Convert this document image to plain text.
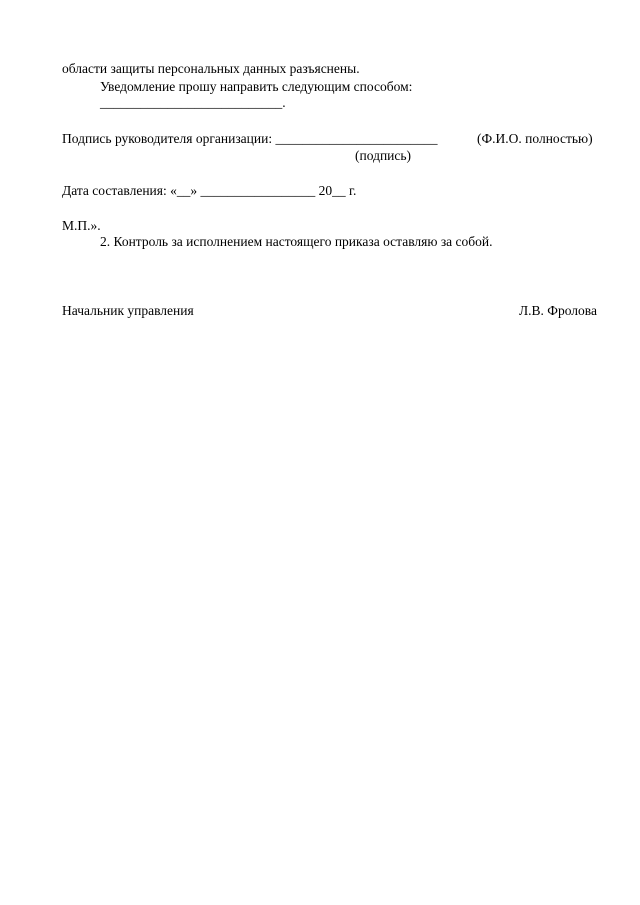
области защиты персональных данных разъяснены.
Уведомление прошу направить следующим способом:
___________________________.
Подпись руководителя организации: ________________________	(Ф.И.О. полностью)
(подпись)
Дата составления: «__» _________________ 20__ г.
М.П.».
2. Контроль за исполнением настоящего приказа оставляю за собой.
Начальник управления	Л.В. Фролова
